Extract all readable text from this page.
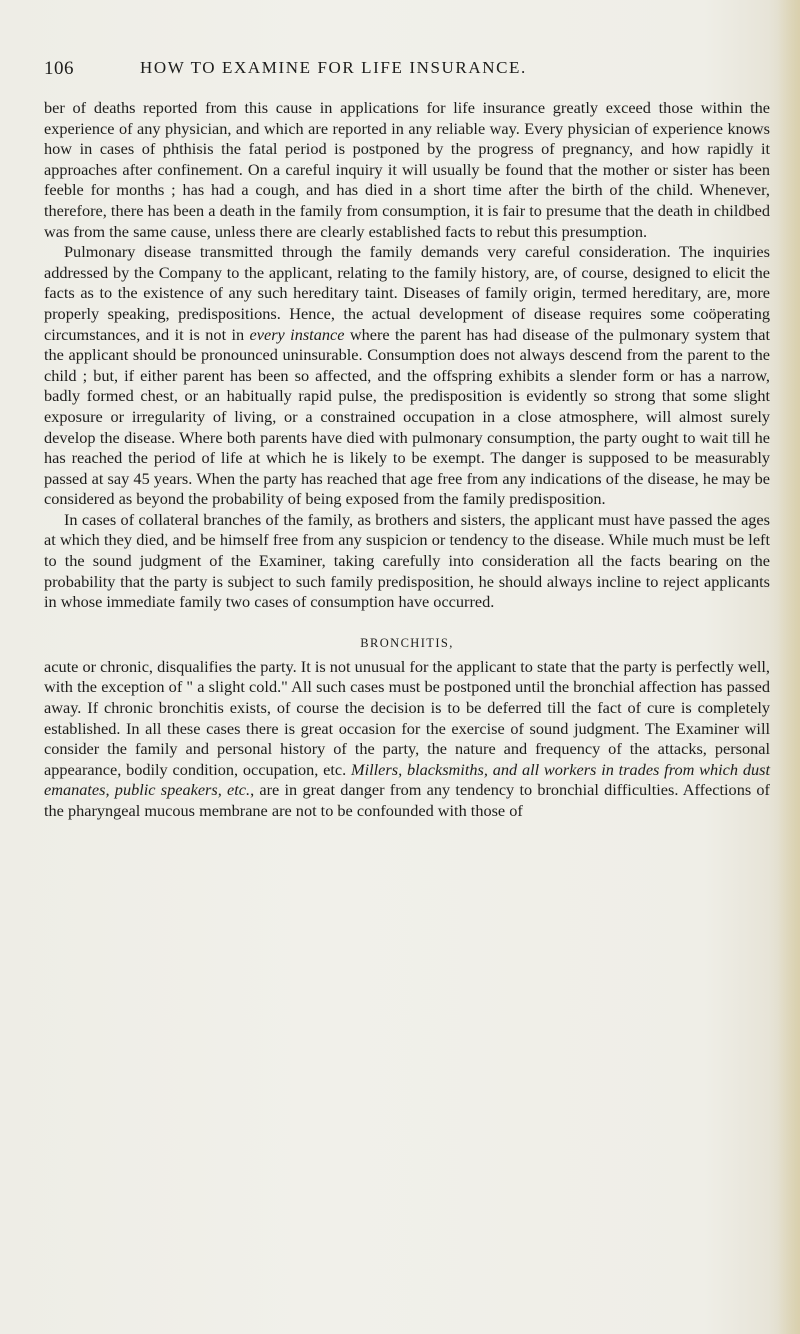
106	HOW TO EXAMINE FOR LIFE INSURANCE.

ber of deaths reported from this cause in applications for life insurance greatly exceed those within the experience of any physician, and which are reported in any reliable way. Every physician of experience knows how in cases of phthisis the fatal period is postponed by the progress of pregnancy, and how rapidly it approaches after confinement. On a careful inquiry it will usually be found that the mother or sister has been feeble for months ; has had a cough, and has died in a short time after the birth of the child. Whenever, therefore, there has been a death in the family from consumption, it is fair to presume that the death in childbed was from the same cause, unless there are clearly established facts to rebut this presumption.

Pulmonary disease transmitted through the family demands very careful consideration. The inquiries addressed by the Company to the applicant, relating to the family history, are, of course, designed to elicit the facts as to the existence of any such hereditary taint. Diseases of family origin, termed hereditary, are, more properly speaking, predispositions. Hence, the actual development of disease requires some coöperating circumstances, and it is not in every instance where the parent has had disease of the pulmonary system that the applicant should be pronounced uninsurable. Consumption does not always descend from the parent to the child ; but, if either parent has been so affected, and the offspring exhibits a slender form or has a narrow, badly formed chest, or an habitually rapid pulse, the predisposition is evidently so strong that some slight exposure or irregularity of living, or a constrained occupation in a close atmosphere, will almost surely develop the disease. Where both parents have died with pulmonary consumption, the party ought to wait till he has reached the period of life at which he is likely to be exempt. The danger is supposed to be measurably passed at say 45 years. When the party has reached that age free from any indications of the disease, he may be considered as beyond the probability of being exposed from the family predisposition.

In cases of collateral branches of the family, as brothers and sisters, the applicant must have passed the ages at which they died, and be himself free from any suspicion or tendency to the disease. While much must be left to the sound judgment of the Examiner, taking carefully into consideration all the facts bearing on the probability that the party is subject to such family predisposition, he should always incline to reject applicants in whose immediate family two cases of consumption have occurred.

BRONCHITIS,

acute or chronic, disqualifies the party. It is not unusual for the applicant to state that the party is perfectly well, with the exception of " a slight cold." All such cases must be postponed until the bronchial affection has passed away. If chronic bronchitis exists, of course the decision is to be deferred till the fact of cure is completely established. In all these cases there is great occasion for the exercise of sound judgment. The Examiner will consider the family and personal history of the party, the nature and frequency of the attacks, personal appearance, bodily condition, occupation, etc. Millers, blacksmiths, and all workers in trades from which dust emanates, public speakers, etc., are in great danger from any tendency to bronchial difficulties. Affections of the pharyngeal mucous membrane are not to be confounded with those of
